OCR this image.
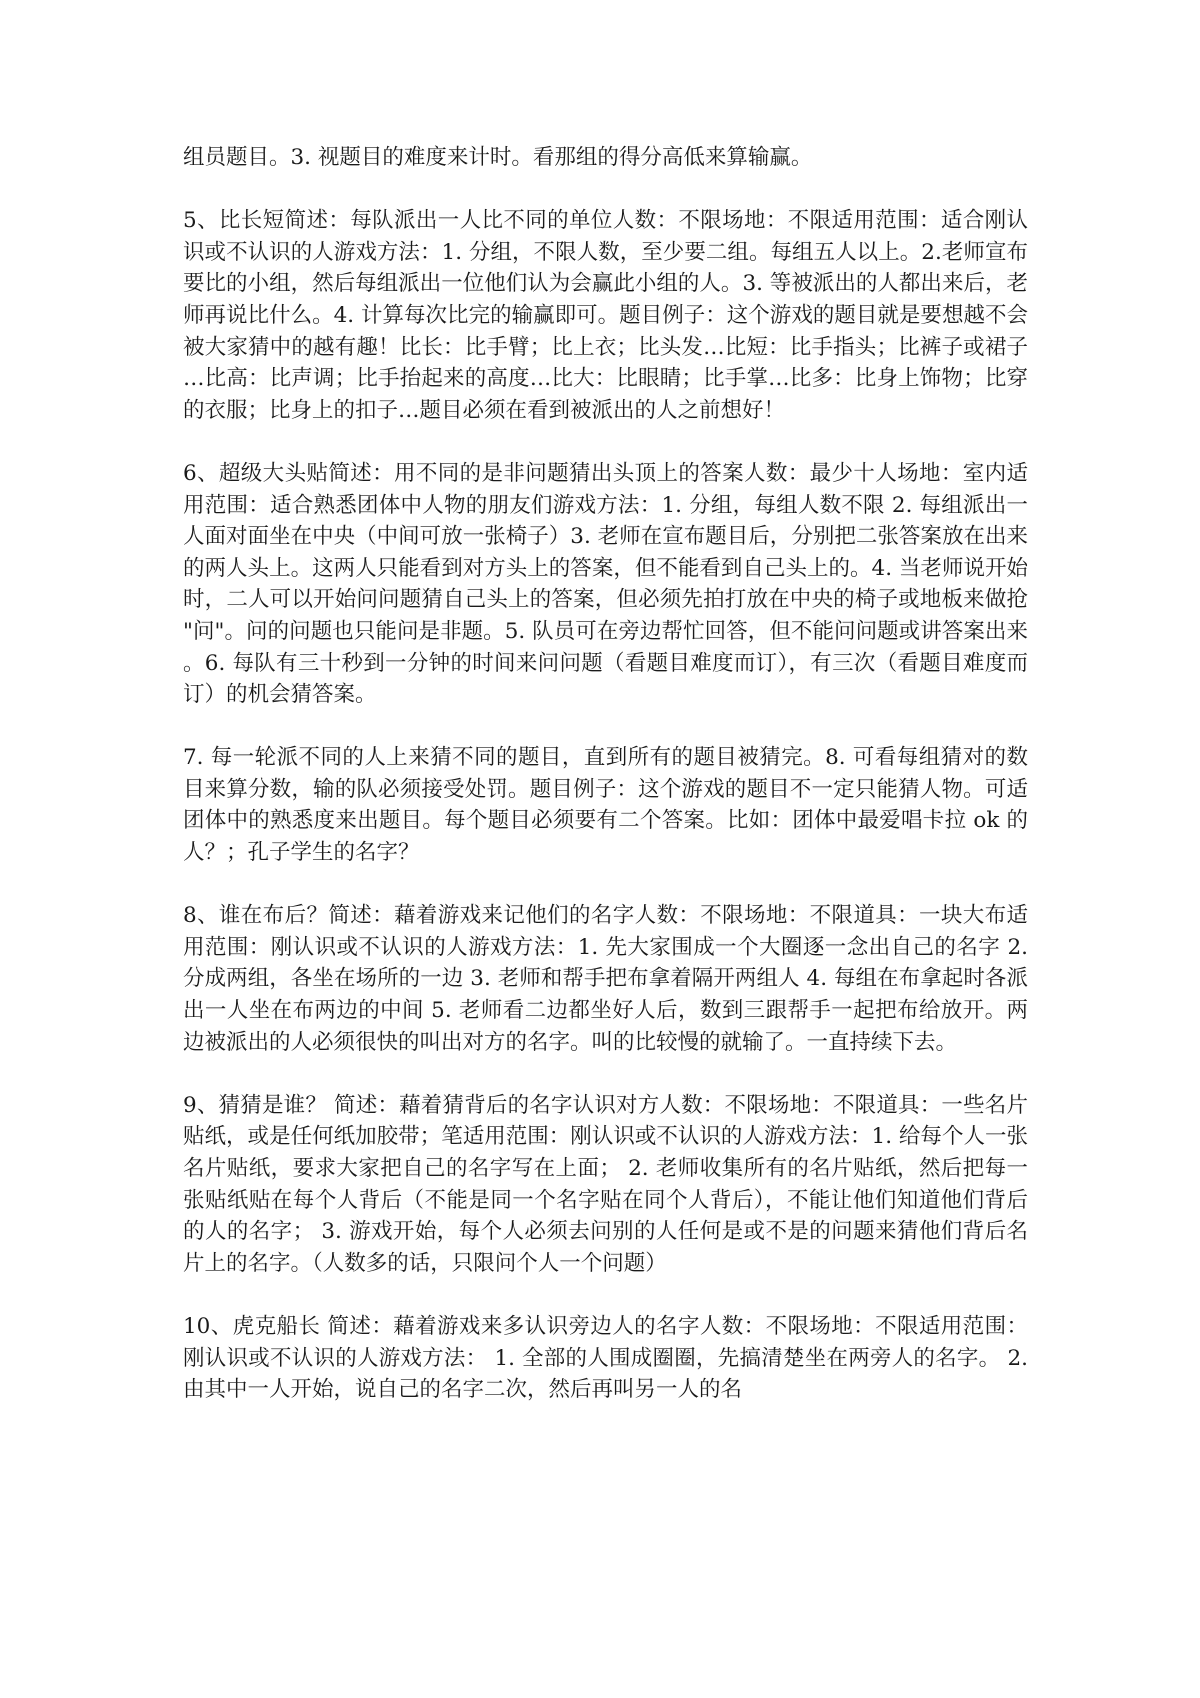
组员题目。3. 视题目的难度来计时。看那组的得分高低来算输赢。

5、比长短简述：每队派出一人比不同的单位人数：不限场地：不限适用范围：适合刚认识或不认识的人游戏方法：1. 分组，不限人数，至少要二组。每组五人以上。2.老师宣布要比的小组，然后每组派出一位他们认为会赢此小组的人。3. 等被派出的人都出来后，老师再说比什么。4. 计算每次比完的输赢即可。题目例子：这个游戏的题目就是要想越不会被大家猜中的越有趣！比长：比手臂；比上衣；比头发…比短：比手指头；比裤子或裙子…比高：比声调；比手抬起来的高度…比大：比眼睛；比手掌…比多：比身上饰物；比穿的衣服；比身上的扣子…题目必须在看到被派出的人之前想好！

6、超级大头贴简述：用不同的是非问题猜出头顶上的答案人数：最少十人场地：室内适用范围：适合熟悉团体中人物的朋友们游戏方法：1. 分组，每组人数不限 2. 每组派出一人面对面坐在中央（中间可放一张椅子）3. 老师在宣布题目后，分别把二张答案放在出来的两人头上。这两人只能看到对方头上的答案，但不能看到自己头上的。4. 当老师说开始时，二人可以开始问问题猜自己头上的答案，但必须先拍打放在中央的椅子或地板来做抢"问"。问的问题也只能问是非题。5. 队员可在旁边帮忙回答，但不能问问题或讲答案出来。6. 每队有三十秒到一分钟的时间来问问题（看题目难度而订），有三次（看题目难度而订）的机会猜答案。

7. 每一轮派不同的人上来猜不同的题目，直到所有的题目被猜完。8. 可看每组猜对的数目来算分数，输的队必须接受处罚。题目例子：这个游戏的题目不一定只能猜人物。可适团体中的熟悉度来出题目。每个题目必须要有二个答案。比如：团体中最爱唱卡拉 ok 的人？；孔子学生的名字？

8、谁在布后？简述：藉着游戏来记他们的名字人数：不限场地：不限道具：一块大布适用范围：刚认识或不认识的人游戏方法：1. 先大家围成一个大圈逐一念出自己的名字 2. 分成两组，各坐在场所的一边 3. 老师和帮手把布拿着隔开两组人 4. 每组在布拿起时各派出一人坐在布两边的中间 5. 老师看二边都坐好人后，数到三跟帮手一起把布给放开。两边被派出的人必须很快的叫出对方的名字。叫的比较慢的就输了。一直持续下去。

9、猜猜是谁？ 简述：藉着猜背后的名字认识对方人数：不限场地：不限道具：一些名片贴纸，或是任何纸加胶带；笔适用范围：刚认识或不认识的人游戏方法：1. 给每个人一张名片贴纸，要求大家把自己的名字写在上面； 2. 老师收集所有的名片贴纸，然后把每一张贴纸贴在每个人背后（不能是同一个名字贴在同个人背后），不能让他们知道他们背后的人的名字； 3. 游戏开始，每个人必须去问别的人任何是或不是的问题来猜他们背后名片上的名字。（人数多的话，只限问个人一个问题）

10、虎克船长 简述：藉着游戏来多认识旁边人的名字人数：不限场地：不限适用范围：刚认识或不认识的人游戏方法： 1. 全部的人围成圈圈，先搞清楚坐在两旁人的名字。 2. 由其中一人开始，说自己的名字二次，然后再叫另一人的名
